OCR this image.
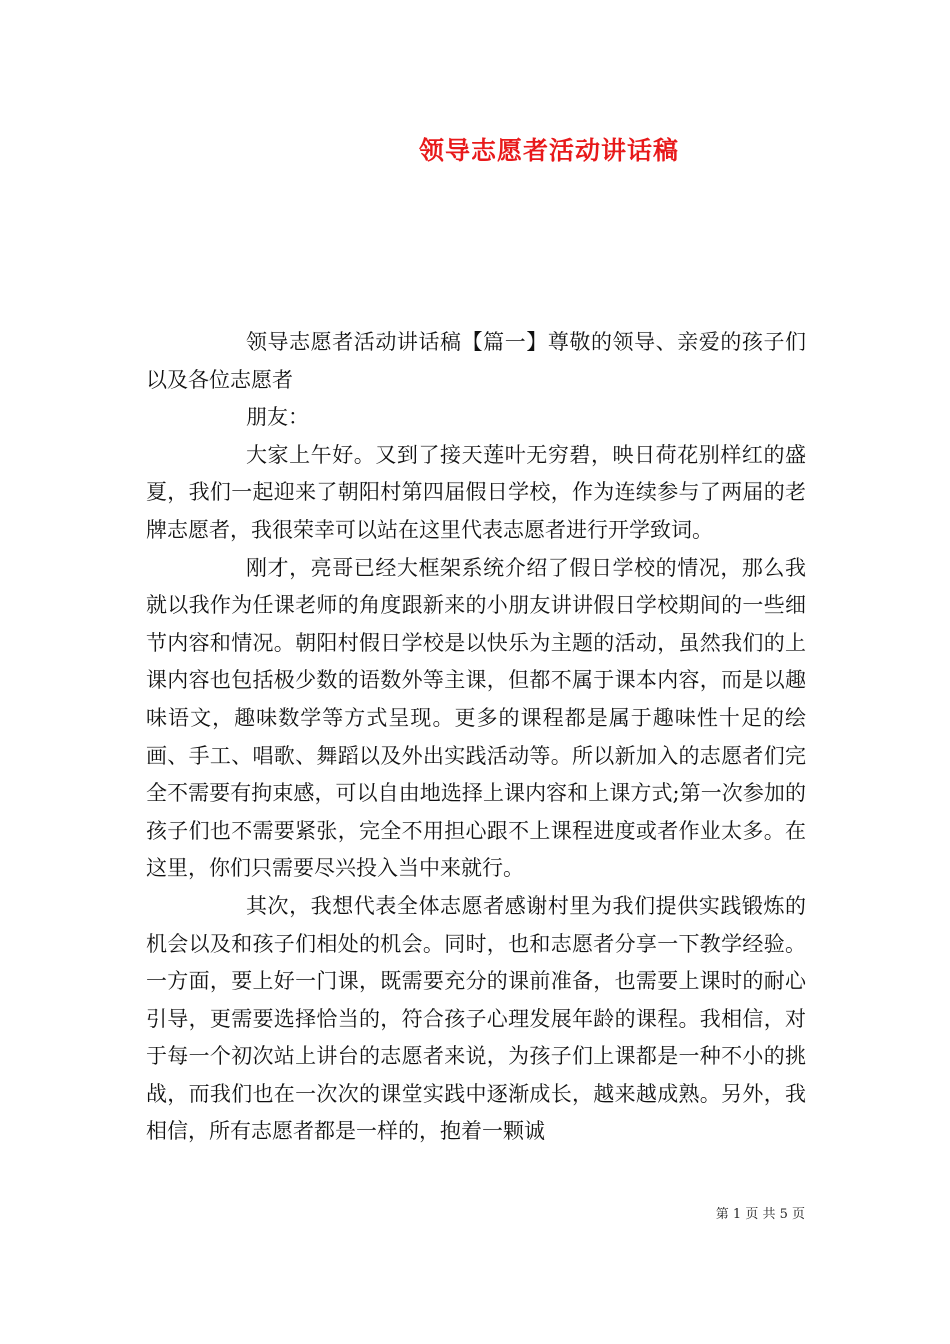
领导志愿者活动讲话稿

领导志愿者活动讲话稿【篇一】尊敬的领导、亲爱的孩子们以及各位志愿者

朋友：

大家上午好。又到了接天莲叶无穷碧，映日荷花别样红的盛夏，我们一起迎来了朝阳村第四届假日学校，作为连续参与了两届的老牌志愿者，我很荣幸可以站在这里代表志愿者进行开学致词。

刚才，亮哥已经大框架系统介绍了假日学校的情况，那么我就以我作为任课老师的角度跟新来的小朋友讲讲假日学校期间的一些细节内容和情况。朝阳村假日学校是以快乐为主题的活动，虽然我们的上课内容也包括极少数的语数外等主课，但都不属于课本内容，而是以趣味语文，趣味数学等方式呈现。更多的课程都是属于趣味性十足的绘画、手工、唱歌、舞蹈以及外出实践活动等。所以新加入的志愿者们完全不需要有拘束感，可以自由地选择上课内容和上课方式;第一次参加的孩子们也不需要紧张，完全不用担心跟不上课程进度或者作业太多。在这里，你们只需要尽兴投入当中来就行。

其次，我想代表全体志愿者感谢村里为我们提供实践锻炼的机会以及和孩子们相处的机会。同时，也和志愿者分享一下教学经验。一方面，要上好一门课，既需要充分的课前准备，也需要上课时的耐心引导，更需要选择恰当的，符合孩子心理发展年龄的课程。我相信，对于每一个初次站上讲台的志愿者来说，为孩子们上课都是一种不小的挑战，而我们也在一次次的课堂实践中逐渐成长，越来越成熟。另外，我相信，所有志愿者都是一样的，抱着一颗诚

第 1 页 共 5 页
